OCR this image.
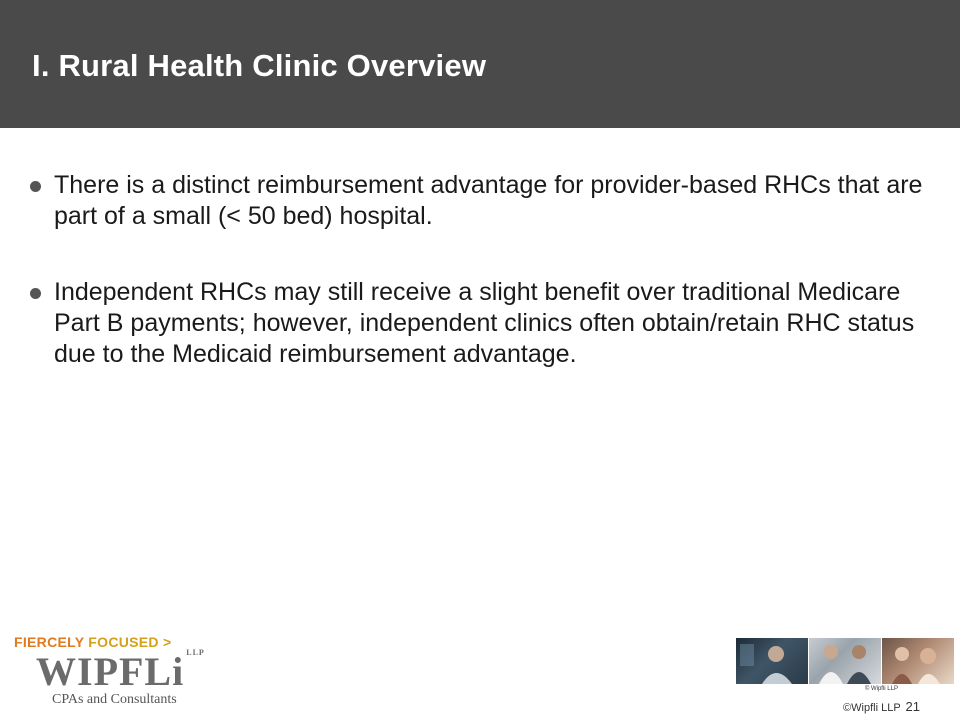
I. Rural Health Clinic Overview
There is a distinct reimbursement advantage for provider-based RHCs that are part of a small (< 50 bed) hospital.
Independent RHCs may still receive a slight benefit over traditional Medicare Part B payments; however, independent clinics often obtain/retain RHC status due to the Medicaid reimbursement advantage.
FIERCELY FOCUSED >
WIPFLi $^{LLP}$
CPAs and Consultants
© Wipfli LLP
©Wipfli LLP 21
